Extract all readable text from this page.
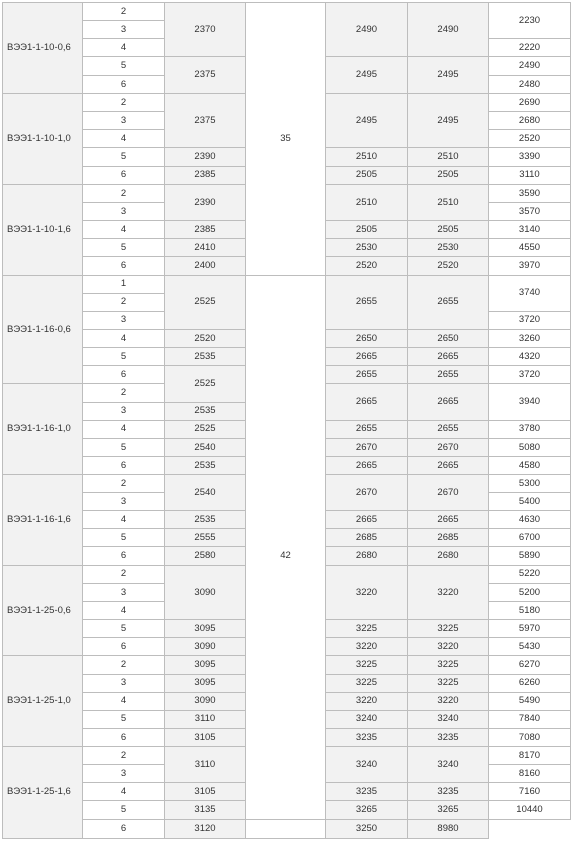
ВЭЭ1-1-10-0,6	2	2370	35	2490	2490	2230
	3					
	4					2220
	5	2375		2495	2495	2490
	6					2480
ВЭЭ1-1-10-1,0	2	2375		2495	2495	2690
	3					2680
	4					2520
	5	2390		2510	2510	3390
	6	2385		2505	2505	3110
ВЭЭ1-1-10-1,6	2	2390		2510	2510	3590
	3					3570
	4	2385		2505	2505	3140
	5	2410		2530	2530	4550
	6	2400		2520	2520	3970
ВЭЭ1-1-16-0,6	1	2525	42	2655	2655	3740
	2					
	3					3720
	4	2520		2650	2650	3260
	5	2535		2665	2665	4320
	6	2525		2655	2655	3720
ВЭЭ1-1-16-1,0	2			2665	2665	3940
	3	2535				
	4	2525		2655	2655	3780
	5	2540		2670	2670	5080
	6	2535		2665	2665	4580
ВЭЭ1-1-16-1,6	2	2540		2670	2670	5300
	3					5400
	4	2535		2665	2665	4630
	5	2555		2685	2685	6700
	6	2580		2680	2680	5890
ВЭЭ1-1-25-0,6	2	3090		3220	3220	5220
	3					5200
	4					5180
	5	3095		3225	3225	5970
	6	3090		3220	3220	5430
ВЭЭ1-1-25-1,0	2	3095		3225	3225	6270
	3	3095		3225	3225	6260
	4	3090		3220	3220	5490
	5	3110		3240	3240	7840
	6	3105		3235	3235	7080
ВЭЭ1-1-25-1,6	2	3110		3240	3240	8170
	3					8160
	4	3105		3235	3235	7160
	5	3135		3265	3265	10440
	6	3120		3250	8980	
